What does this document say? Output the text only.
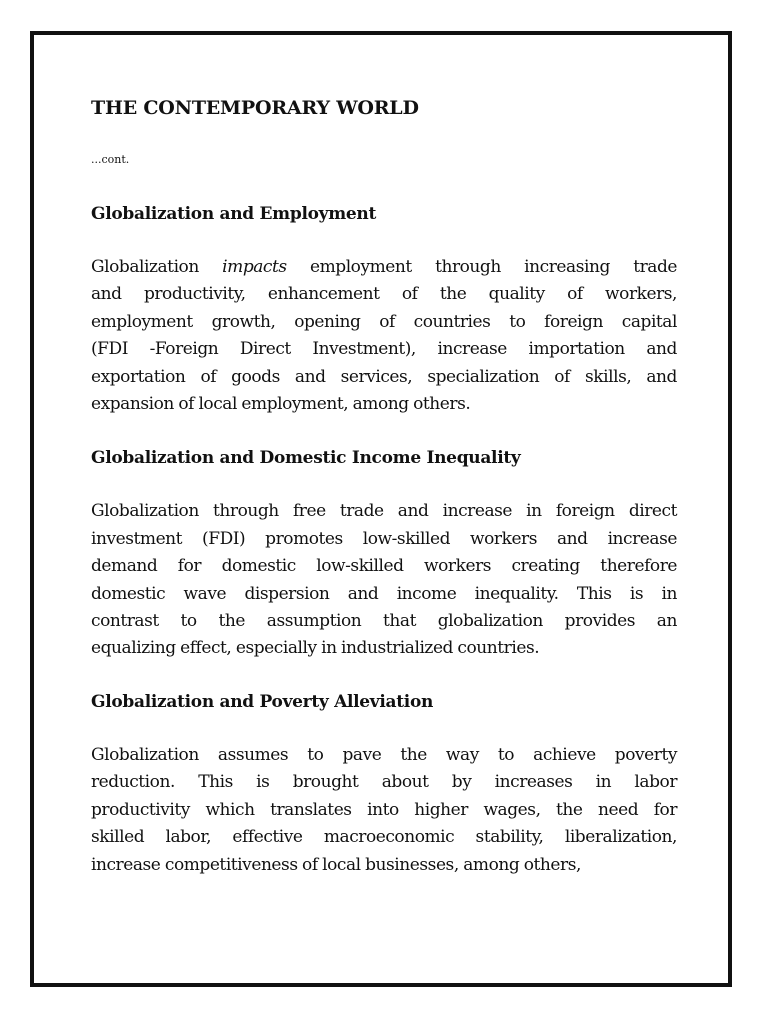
THE CONTEMPORARY WORLD

...cont.

Globalization and Employment
Globalization impacts employment through increasing trade
and productivity, enhancement of the quality of workers,
employment growth, opening of countries to foreign capital
(FDI -Foreign Direct Investment), increase importation and
exportation of goods and services, specialization of skills, and
expansion of local employment, among others.
Globalization and Domestic Income Inequality
Globalization through free trade and increase in foreign direct
investment (FDI) promotes low-skilled workers and increase
demand for domestic low-skilled workers creating therefore
domestic wave dispersion and income inequality. This is in
contrast to the assumption that globalization provides an
equalizing effect, especially in industrialized countries.
Globalization and Poverty Alleviation
Globalization assumes to pave the way to achieve poverty
reduction. This is brought about by increases in labor
productivity which translates into higher wages, the need for
skilled labor, effective macroeconomic stability, liberalization,
increase competitiveness of local businesses, among others,
